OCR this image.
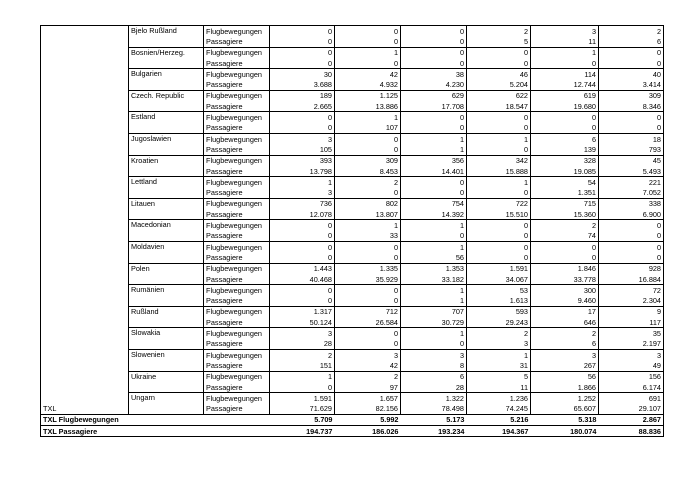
TXL	Bjelo Rußland	Flugbewegungen	0	0	0	2	3	2
		Passagiere	0	0	0	5	11	6
	Bosnien/Herzeg.	Flugbewegungen	0	1	0	0	1	0
		Passagiere	0	0	0	0	0	0
	Bulgarien	Flugbewegungen	30	42	38	46	114	40
		Passagiere	3.688	4.932	4.230	5.204	12.744	3.414
	Czech. Republic	Flugbewegungen	189	1.125	629	622	619	309
		Passagiere	2.665	13.886	17.708	18.547	19.680	8.346
	Estland	Flugbewegungen	0	1	0	0	0	0
		Passagiere	0	107	0	0	0	0
	Jugoslawien	Flugbewegungen	3	0	1	1	6	18
		Passagiere	105	0	1	0	139	793
	Kroatien	Flugbewegungen	393	309	356	342	328	45
		Passagiere	13.798	8.453	14.401	15.888	19.085	5.493
	Lettland	Flugbewegungen	1	2	0	1	54	221
		Passagiere	3	0	0	0	1.351	7.052
	Litauen	Flugbewegungen	736	802	754	722	715	338
		Passagiere	12.078	13.807	14.392	15.510	15.360	6.900
	Macedonian	Flugbewegungen	0	1	1	0	2	0
		Passagiere	0	33	0	0	74	0
	Moldavien	Flugbewegungen	0	0	1	0	0	0
		Passagiere	0	0	56	0	0	0
	Polen	Flugbewegungen	1.443	1.335	1.353	1.591	1.846	928
		Passagiere	40.468	35.929	33.182	34.067	33.778	16.884
	Rumänien	Flugbewegungen	0	0	1	53	300	72
		Passagiere	0	0	1	1.613	9.460	2.304
	Rußland	Flugbewegungen	1.317	712	707	593	17	9
		Passagiere	50.124	26.584	30.729	29.243	646	117
	Slowakia	Flugbewegungen	3	0	1	2	2	35
		Passagiere	28	0	0	3	6	2.197
	Slowenien	Flugbewegungen	2	3	3	1	3	3
		Passagiere	151	42	8	31	267	49
	Ukraine	Flugbewegungen	1	2	6	5	56	156
		Passagiere	0	97	28	11	1.866	6.174
	Ungarn	Flugbewegungen	1.591	1.657	1.322	1.236	1.252	691
		Passagiere	71.629	82.156	78.498	74.245	65.607	29.107
TXL Flugbewegungen			5.709	5.992	5.173	5.216	5.318	2.867
TXL Passagiere			194.737	186.026	193.234	194.367	180.074	88.836
